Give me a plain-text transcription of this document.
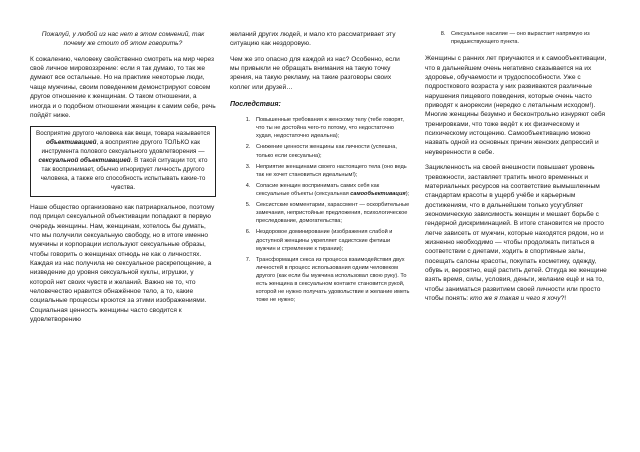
Пожалуй, у любой из нас нет в этом сомнений, так почему же стоит об этом говорить?

К сожалению, человеку свойственно смотреть на мир через своё личное мировоззрение: если я так думаю, то так же думают все остальные. Но на практике некоторые люди, чаще мужчины, своим поведением демонстрируют совсем другое отношение к женщинам. О таком отношении, а иногда и о подобном отношении женщин к самим себе, речь пойдёт ниже.

Восприятие другого человека как вещи, товара называется объективацией, а восприятие другого ТОЛЬКО как инструмента полового сексуального удовлетворения — сексуальной объективацией. В такой ситуации тот, кто так воспринимает, обычно игнорирует личность другого человека, а также его способность испытывать какие-то чувства.

Наше общество организовано как патриархальное, поэтому под прицел сексуальной объективации попадают в первую очередь женщины. Нам, женщинам, хотелось бы думать, что мы получили сексуальную свободу, но в итоге именно мужчины и корпорации используют сексуальные образы, чтобы говорить о женщинах отнюдь не как о личностях. Каждая из нас получила не сексуальное раскрепощение, а низведение до уровня сексуальной куклы, игрушки, у которой нет своих чувств и желаний. Важно не то, что человечество нравится обнажённое тело, а то, какие социальные процессы кроются за этими изображениями. Социальная ценность женщины часто сводится к удовлетворению

желаний других людей, и мало кто рассматривает эту ситуацию как нездоровую.

Чем же это опасно для каждой из нас? Особенно, если мы привыкли не обращать внимания на такую точку зрения, на такую рекламу, на такие разговоры своих коллег или друзей…

Последствия:

1. Повышенные требования к женскому телу (тебе говорят, что ты не достойна чего-то потому, что недостаточно худая, недостаточно идеальна);
2. Снижение ценности женщины как личности (успешна, только если сексуальна);
3. Неприятие женщинами своего настоящего тела (оно ведь так не хочет становиться идеальным!);
4. Сопасие женщин воспринимать самих себя как сексуальные объекты (сексуальная самообъективация);
5. Сексистские комментарии, харассмент — оскорбительные замечания, непристойные предложения, психологическое преследование, домогательства;
6. Нездоровое доминирование (изображения слабой и доступной женщины укрепляет садистские фетиши мужчин и стремление к тирании);
7. Трансформация секса из процесса взаимодействия двух личностей в процесс использования одним человеком другого (как если бы мужчина использовал свою руку). То есть женщина в сексуальном контакте становится рукой, которой не нужно получать удовольствие и желание иметь тоже не нужно;
8. Сексуальное насилие — оно вырастает напрямую из предшествующего пункта.

Женщины с ранних лет приучаются и к самообъективации, что в дальнейшем очень негативно сказывается на их здоровье, обучаемости и трудоспособности. Уже с подросткового возраста у них развиваются различные нарушения пищевого поведения, которые очень часто приводят к анорексии (нередко с летальным исходом!). Многие женщины безумно и бесконтрольно изнуряют себя тренировками, что тоже ведёт к их физическому и психическому истощению. Самообъективацию можно назвать одной из основных причин женских депрессий и неуверенности в себе.

Зацикленность на своей внешности повышает уровень тревожности, заставляет тратить много временных и материальных ресурсов на соответствие вымышленным стандартам красоты в ущерб учёбе и карьерным достижениям, что в дальнейшем только усугубляет экономическую зависимость женщин и мешает борьбе с гендерной дискриминацией. В итоге становится не просто легче зависеть от мужчин, которые находятся рядом, но и жизненно необходимо — чтобы продолжать питаться в соответствии с диетами, ходить в спортивные залы, посещать салоны красоты, покупать косметику, одежду, обувь и, вероятно, ещё растить детей. Откуда же женщине взять время, силы, условия, деньги, желание ещё и на то, чтобы заниматься развитием своей личности или просто чтобы понять: кто же я такая и чего я хочу?!
